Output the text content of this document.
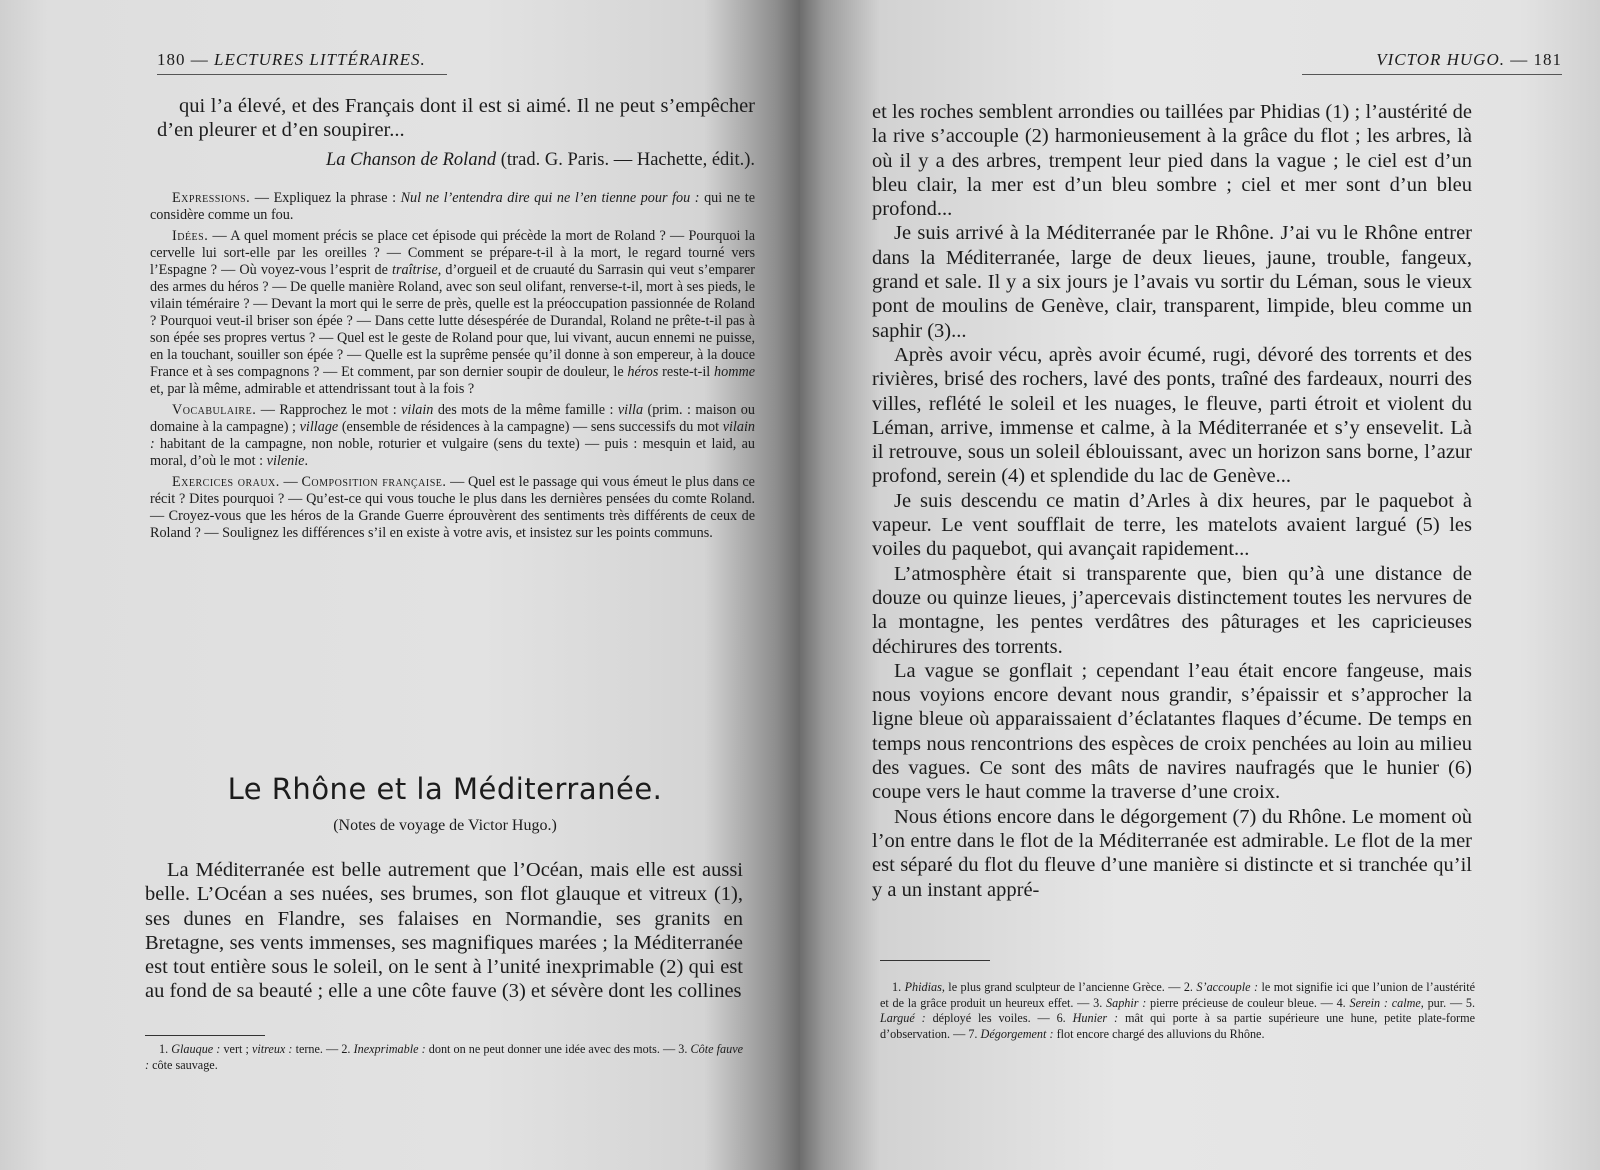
180 — LECTURES LITTÉRAIRES.

qui l’a élevé, et des Français dont il est si aimé. Il ne peut s’empêcher d’en pleurer et d’en soupirer...

La Chanson de Roland (trad. G. Paris. — Hachette, édit.).

Expressions. — Expliquez la phrase : Nul ne l’entendra dire qui ne l’en tienne pour fou : qui ne te considère comme un fou.

Idées. — A quel moment précis se place cet épisode qui précède la mort de Roland ? — Pourquoi la cervelle lui sort-elle par les oreilles ? — Comment se prépare-t-il à la mort, le regard tourné vers l’Espagne ? — Où voyez-vous l’esprit de traîtrise, d’orgueil et de cruauté du Sarrasin qui veut s’emparer des armes du héros ? — De quelle manière Roland, avec son seul olifant, renverse-t-il, mort à ses pieds, le vilain téméraire ? — Devant la mort qui le serre de près, quelle est la préoccupation passionnée de Roland ? Pourquoi veut-il briser son épée ? — Dans cette lutte désespérée de Durandal, Roland ne prête-t-il pas à son épée ses propres vertus ? — Quel est le geste de Roland pour que, lui vivant, aucun ennemi ne puisse, en la touchant, souiller son épée ? — Quelle est la suprême pensée qu’il donne à son empereur, à la douce France et à ses compagnons ? — Et comment, par son dernier soupir de douleur, le héros reste-t-il homme et, par là même, admirable et attendrissant tout à la fois ?

Vocabulaire. — Rapprochez le mot : vilain des mots de la même famille : villa (prim. : maison ou domaine à la campagne) ; village (ensemble de résidences à la campagne) — sens successifs du mot vilain : habitant de la campagne, non noble, roturier et vulgaire (sens du texte) — puis : mesquin et laid, au moral, d’où le mot : vilenie.

Exercices oraux. — Composition française. — Quel est le passage qui vous émeut le plus dans ce récit ? Dites pourquoi ? — Qu’est-ce qui vous touche le plus dans les dernières pensées du comte Roland. — Croyez-vous que les héros de la Grande Guerre éprouvèrent des sentiments très différents de ceux de Roland ? — Soulignez les différences s’il en existe à votre avis, et insistez sur les points communs.

Le Rhône et la Méditerranée.

(Notes de voyage de Victor Hugo.)

La Méditerranée est belle autrement que l’Océan, mais elle est aussi belle. L’Océan a ses nuées, ses brumes, son flot glauque et vitreux (1), ses dunes en Flandre, ses falaises en Normandie, ses granits en Bretagne, ses vents immenses, ses magnifiques marées ; la Méditerranée est tout entière sous le soleil, on le sent à l’unité inexprimable (2) qui est au fond de sa beauté ; elle a une côte fauve (3) et sévère dont les collines

1. Glauque : vert ; vitreux : terne. — 2. Inexprimable : dont on ne peut donner une idée avec des mots. — 3. Côte fauve : côte sauvage.
VICTOR HUGO. — 181

et les roches semblent arrondies ou taillées par Phidias (1) ; l’austérité de la rive s’accouple (2) harmonieusement à la grâce du flot ; les arbres, là où il y a des arbres, trempent leur pied dans la vague ; le ciel est d’un bleu clair, la mer est d’un bleu sombre ; ciel et mer sont d’un bleu profond...

Je suis arrivé à la Méditerranée par le Rhône. J’ai vu le Rhône entrer dans la Méditerranée, large de deux lieues, jaune, trouble, fangeux, grand et sale. Il y a six jours je l’avais vu sortir du Léman, sous le vieux pont de moulins de Genève, clair, transparent, limpide, bleu comme un saphir (3)...

Après avoir vécu, après avoir écumé, rugi, dévoré des torrents et des rivières, brisé des rochers, lavé des ponts, traîné des fardeaux, nourri des villes, reflété le soleil et les nuages, le fleuve, parti étroit et violent du Léman, arrive, immense et calme, à la Méditerranée et s’y ensevelit. Là il retrouve, sous un soleil éblouissant, avec un horizon sans borne, l’azur profond, serein (4) et splendide du lac de Genève...

Je suis descendu ce matin d’Arles à dix heures, par le paquebot à vapeur. Le vent soufflait de terre, les matelots avaient largué (5) les voiles du paquebot, qui avançait rapidement...

L’atmosphère était si transparente que, bien qu’à une distance de douze ou quinze lieues, j’apercevais distinctement toutes les nervures de la montagne, les pentes verdâtres des pâturages et les capricieuses déchirures des torrents.

La vague se gonflait ; cependant l’eau était encore fangeuse, mais nous voyions encore devant nous grandir, s’épaissir et s’approcher la ligne bleue où apparaissaient d’éclatantes flaques d’écume. De temps en temps nous rencontrions des espèces de croix penchées au loin au milieu des vagues. Ce sont des mâts de navires naufragés que le hunier (6) coupe vers le haut comme la traverse d’une croix.

Nous étions encore dans le dégorgement (7) du Rhône. Le moment où l’on entre dans le flot de la Méditerranée est admirable. Le flot de la mer est séparé du flot du fleuve d’une manière si distincte et si tranchée qu’il y a un instant appré-

1. Phidias, le plus grand sculpteur de l’ancienne Grèce. — 2. S’accouple : le mot signifie ici que l’union de l’austérité et de la grâce produit un heureux effet. — 3. Saphir : pierre précieuse de couleur bleue. — 4. Serein : calme, pur. — 5. Largué : déployé les voiles. — 6. Hunier : mât qui porte à sa partie supérieure une hune, petite plate-forme d’observation. — 7. Dégorgement : flot encore chargé des alluvions du Rhône.
